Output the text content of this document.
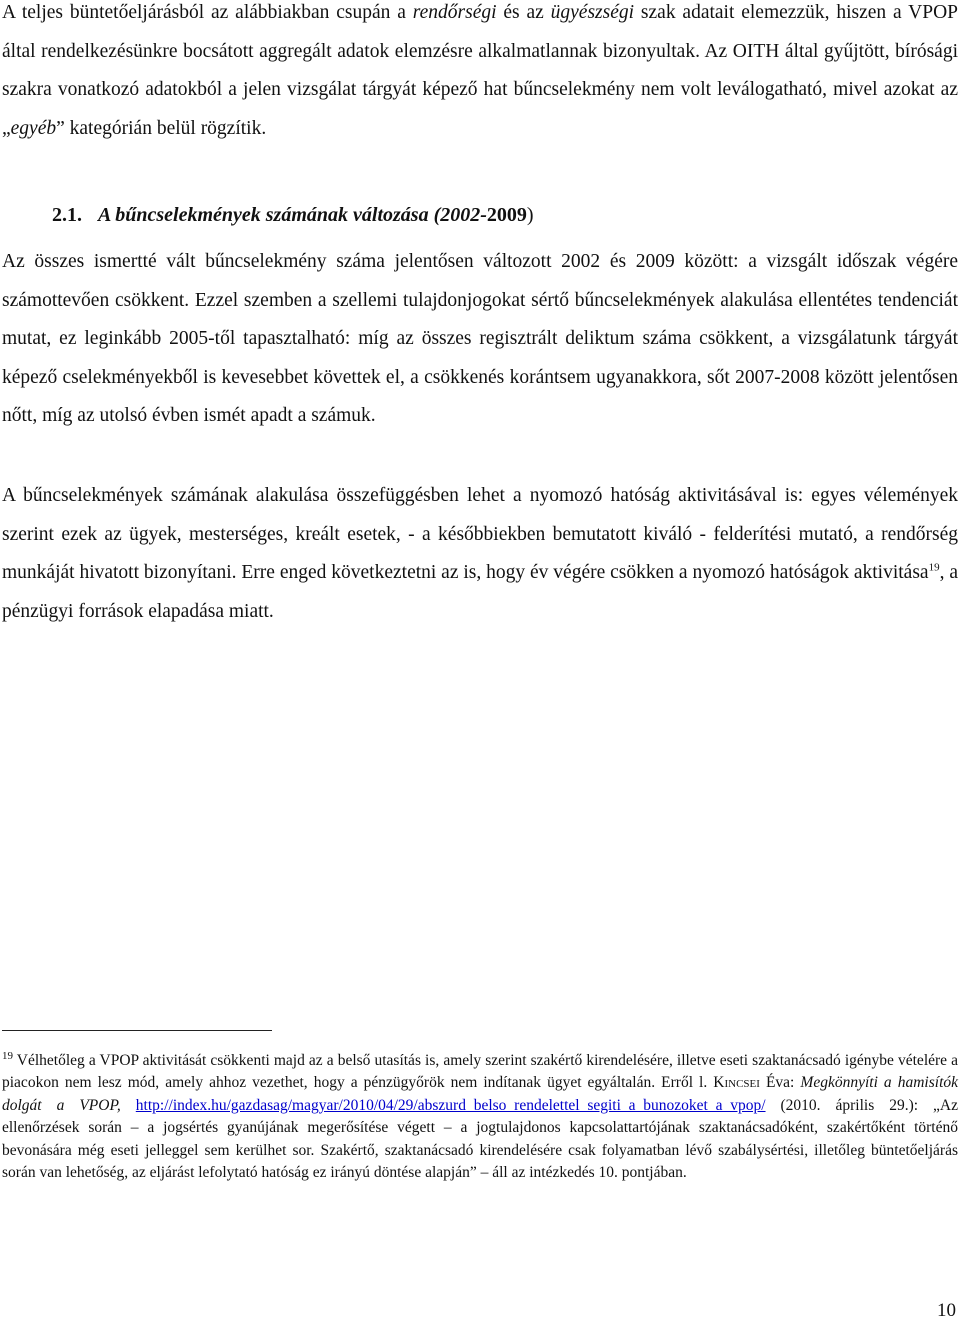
A teljes büntetőeljárásból az alábbiakban csupán a rendőrségi és az ügyészségi szak adatait elemezzük, hiszen a VPOP által rendelkezésünkre bocsátott aggregált adatok elemzésre alkalmatlannak bizonyultak. Az OITH által gyűjtött, bírósági szakra vonatkozó adatokból a jelen vizsgálat tárgyát képező hat bűncselekmény nem volt leválogatható, mivel azokat az „egyéb” kategórián belül rögzítik.

2.1. A bűncselekmények számának változása (2002-2009)

Az összes ismertté vált bűncselekmény száma jelentősen változott 2002 és 2009 között: a vizsgált időszak végére számottevően csökkent. Ezzel szemben a szellemi tulajdonjogokat sértő bűncselekmények alakulása ellentétes tendenciát mutat, ez leginkább 2005-től tapasztalható: míg az összes regisztrált deliktum száma csökkent, a vizsgálatunk tárgyát képező cselekményekből is kevesebbet követtek el, a csökkenés korántsem ugyanakkora, sőt 2007-2008 között jelentősen nőtt, míg az utolsó évben ismét apadt a számuk.

A bűncselekmények számának alakulása összefüggésben lehet a nyomozó hatóság aktivitásával is: egyes vélemények szerint ezek az ügyek, mesterséges, kreált esetek, - a későbbiekben bemutatott kiváló - felderítési mutató, a rendőrség munkáját hivatott bizonyítani. Erre enged következtetni az is, hogy év végére csökken a nyomozó hatóságok aktivitása$^{19}$, a pénzügyi források elapadása miatt.

$^{19}$ Vélhetőleg a VPOP aktivitását csökkenti majd az a belső utasítás is, amely szerint szakértő kirendelésére, illetve eseti szaktanácsadó igénybe vételére a piacokon nem lesz mód, amely ahhoz vezethet, hogy a pénzügyőrök nem indítanak ügyet egyáltalán. Erről l. Kincsei Éva: Megkönnyíti a hamisítók dolgát a VPOP, http://index.hu/gazdasag/magyar/2010/04/29/abszurd_belso_rendelettel_segiti_a_bunozoket_a_vpop/ (2010. április 29.): „Az ellenőrzések során – a jogsértés gyanújának megerősítése végett – a jogtulajdonos kapcsolattartójának szaktanácsadóként, szakértőként történő bevonására még eseti jelleggel sem kerülhet sor. Szakértő, szaktanácsadó kirendelésére csak folyamatban lévő szabálysértési, illetőleg büntetőeljárás során van lehetőség, az eljárást lefolytató hatóság ez irányú döntése alapján” – áll az intézkedés 10. pontjában.

10
